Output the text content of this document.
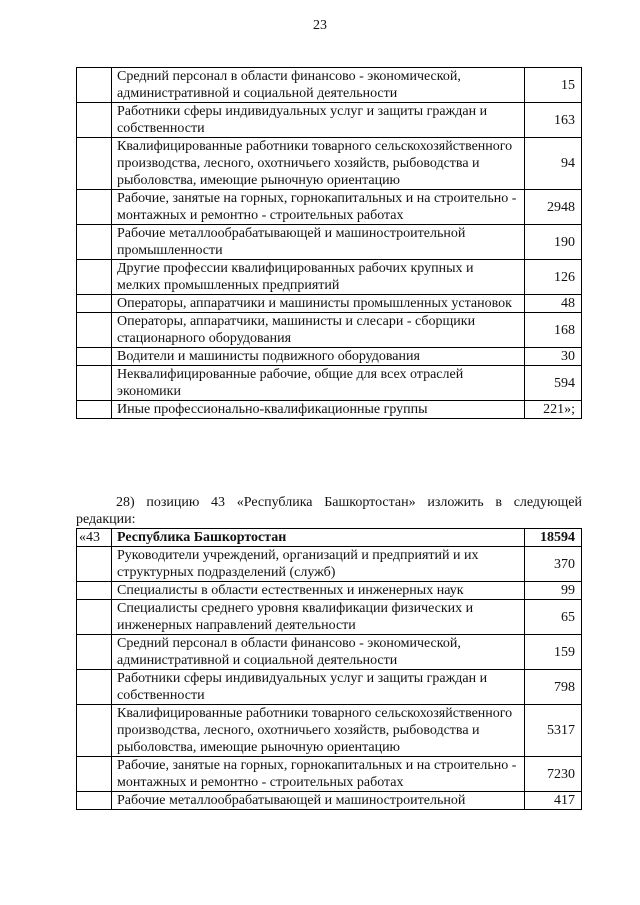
23
	Средний персонал в области финансово - экономической, административной и социальной деятельности	15
	Работники сферы индивидуальных услуг и защиты граждан и собственности	163
	Квалифицированные работники товарного сельскохозяйственного производства, лесного, охотничьего хозяйств, рыбоводства и рыболовства, имеющие рыночную ориентацию	94
	Рабочие, занятые на горных, горнокапитальных и на строительно - монтажных и ремонтно - строительных работах	2948
	Рабочие металлообрабатывающей и машиностроительной промышленности	190
	Другие профессии квалифицированных рабочих крупных и мелких промышленных предприятий	126
	Операторы, аппаратчики и машинисты промышленных установок	48
	Операторы, аппаратчики, машинисты и слесари - сборщики стационарного оборудования	168
	Водители и машинисты подвижного оборудования	30
	Неквалифицированные рабочие, общие для всех отраслей экономики	594
	Иные профессионально-квалификационные группы	221»;
28) позицию 43 «Республика Башкортостан» изложить в следующей редакции:
«43	Республика Башкортостан	18594
	Руководители учреждений, организаций и предприятий и их структурных подразделений (служб)	370
	Специалисты в области естественных и инженерных наук	99
	Специалисты среднего уровня квалификации физических и инженерных направлений деятельности	65
	Средний персонал в области финансово - экономической, административной и социальной деятельности	159
	Работники сферы индивидуальных услуг и защиты граждан и собственности	798
	Квалифицированные работники товарного сельскохозяйственного производства, лесного, охотничьего хозяйств, рыбоводства и рыболовства, имеющие рыночную ориентацию	5317
	Рабочие, занятые на горных, горнокапитальных и на строительно - монтажных и ремонтно - строительных работах	7230
	Рабочие металлообрабатывающей и машиностроительной	417
